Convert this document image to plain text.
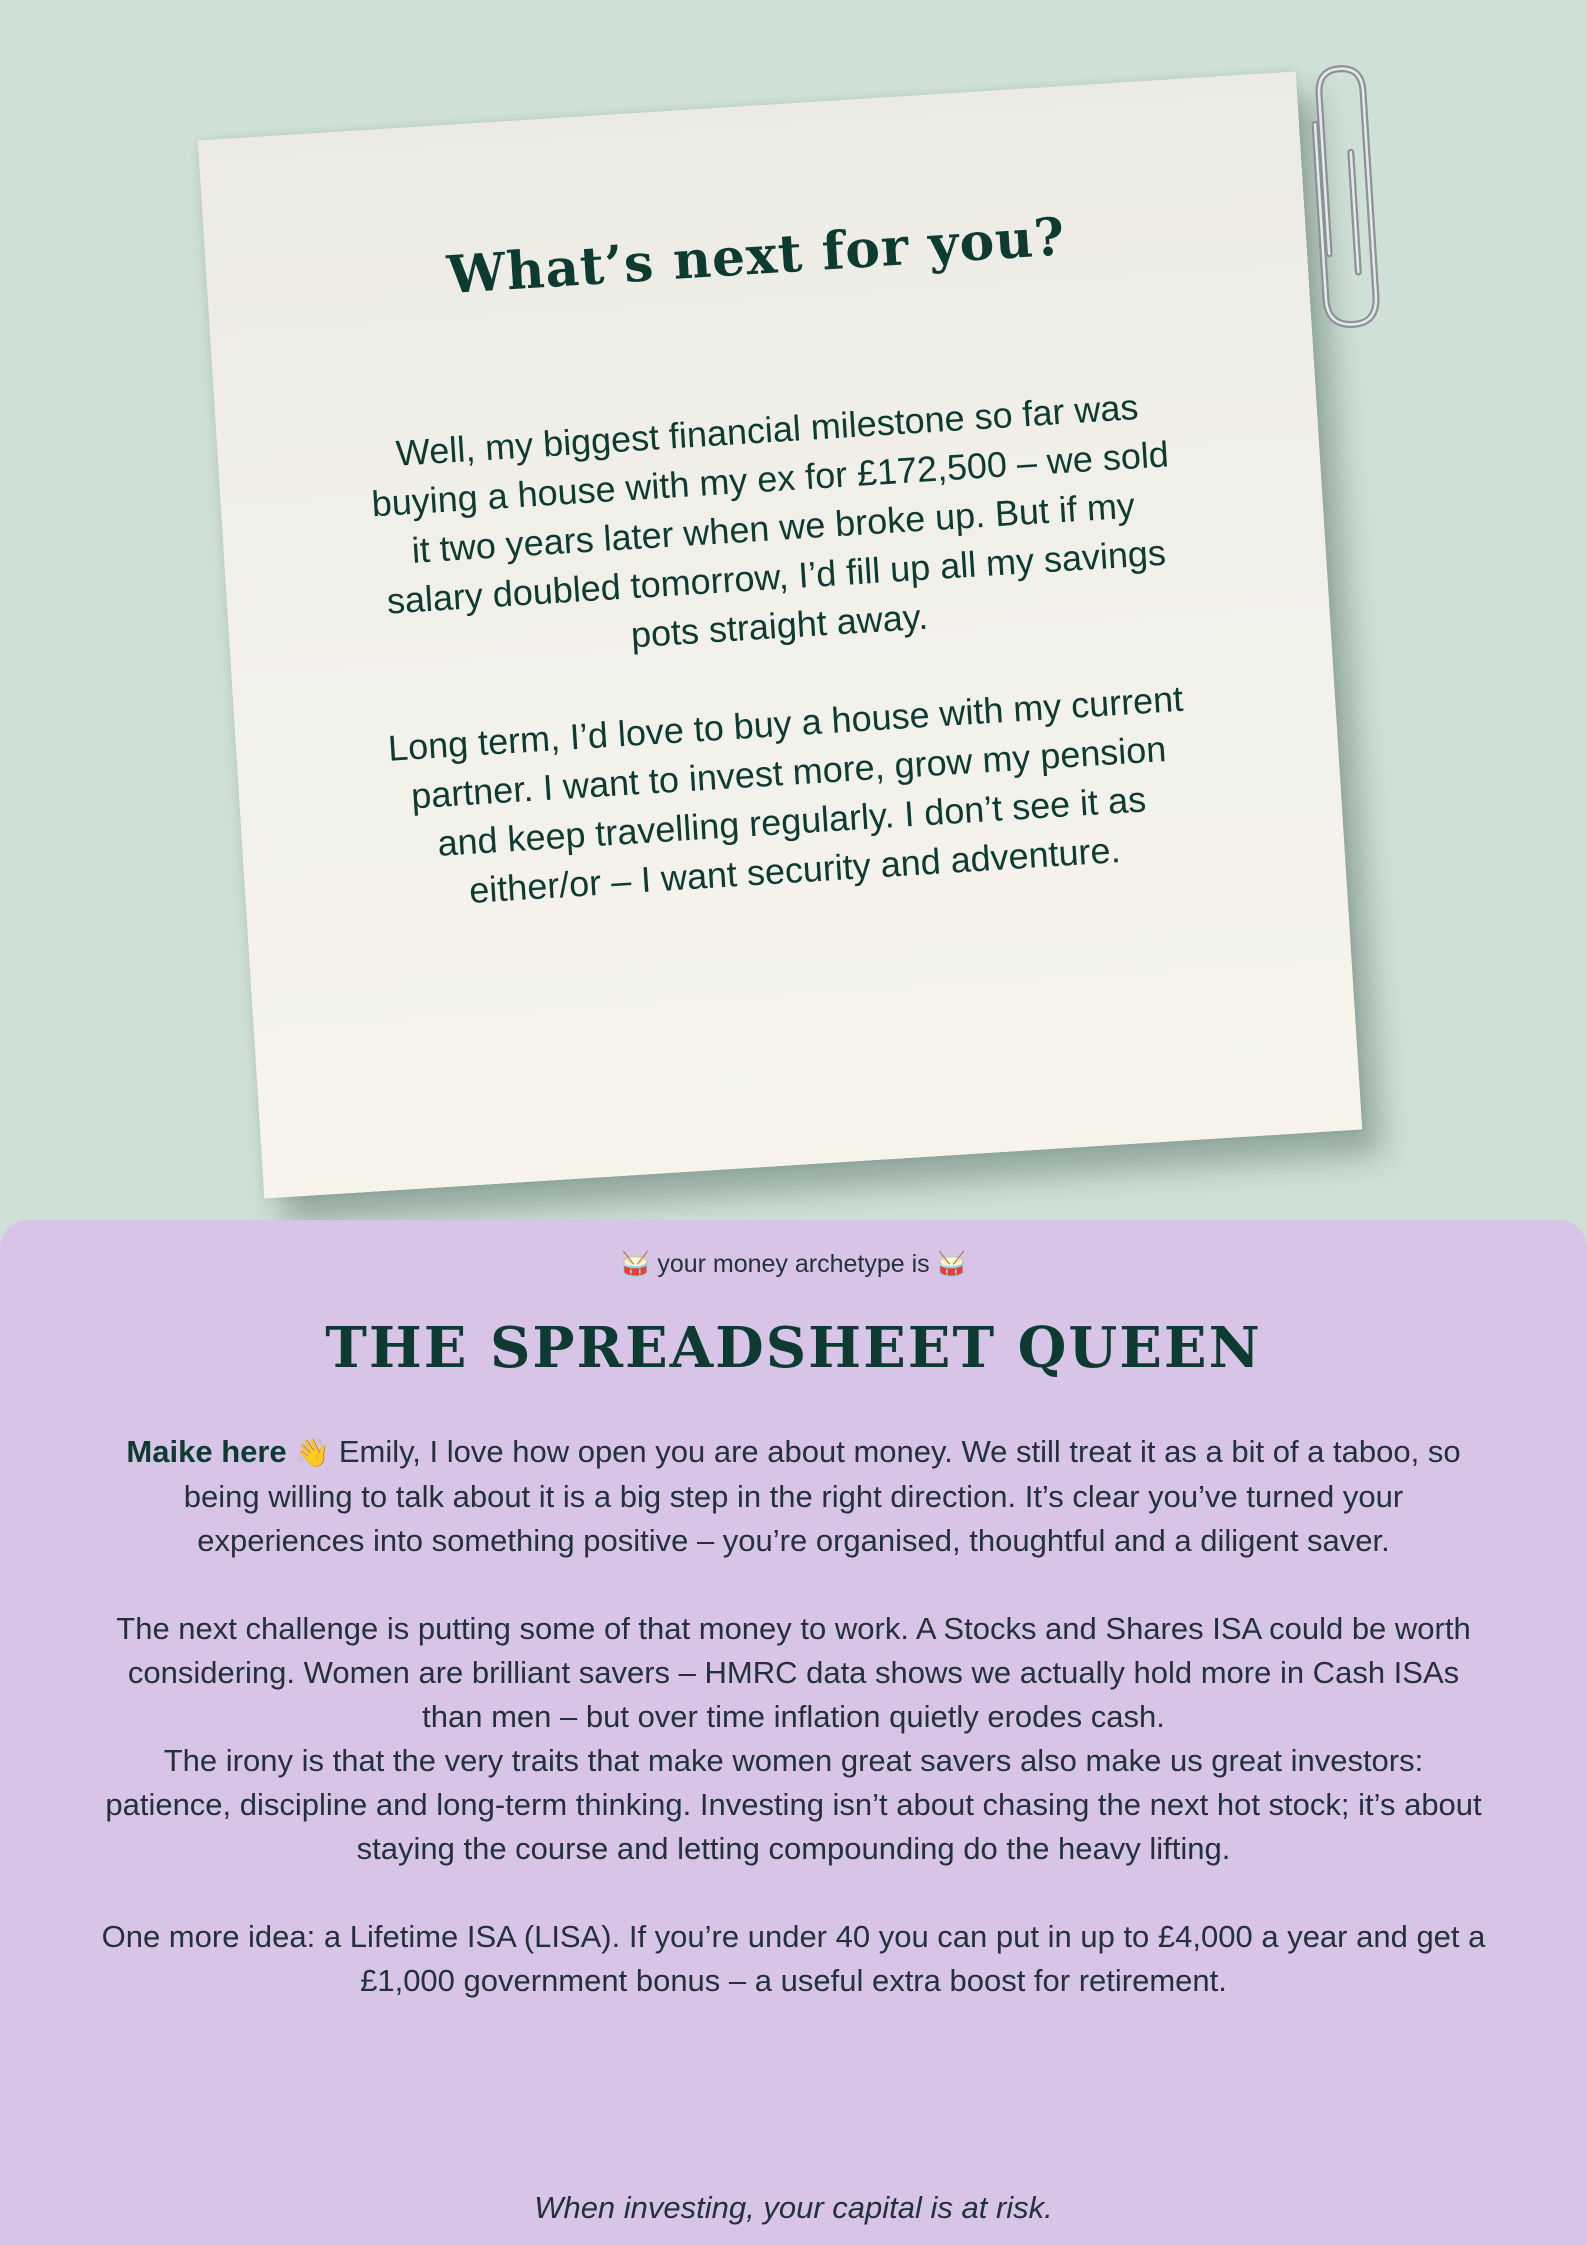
What’s next for you?

Well, my biggest financial milestone so far was buying a house with my ex for £172,500 – we sold it two years later when we broke up. But if my salary doubled tomorrow, I’d fill up all my savings pots straight away.

Long term, I’d love to buy a house with my current partner. I want to invest more, grow my pension and keep travelling regularly. I don’t see it as either/or – I want security and adventure.

🥁 your money archetype is 🥁
THE SPREADSHEET QUEEN

Maike here 👋 Emily, I love how open you are about money. We still treat it as a bit of a taboo, so being willing to talk about it is a big step in the right direction. It’s clear you’ve turned your experiences into something positive – you’re organised, thoughtful and a diligent saver.

The next challenge is putting some of that money to work. A Stocks and Shares ISA could be worth considering. Women are brilliant savers – HMRC data shows we actually hold more in Cash ISAs than men – but over time inflation quietly erodes cash.
The irony is that the very traits that make women great savers also make us great investors: patience, discipline and long-term thinking. Investing isn’t about chasing the next hot stock; it’s about staying the course and letting compounding do the heavy lifting.

One more idea: a Lifetime ISA (LISA). If you’re under 40 you can put in up to £4,000 a year and get a £1,000 government bonus – a useful extra boost for retirement.

When investing, your capital is at risk.
